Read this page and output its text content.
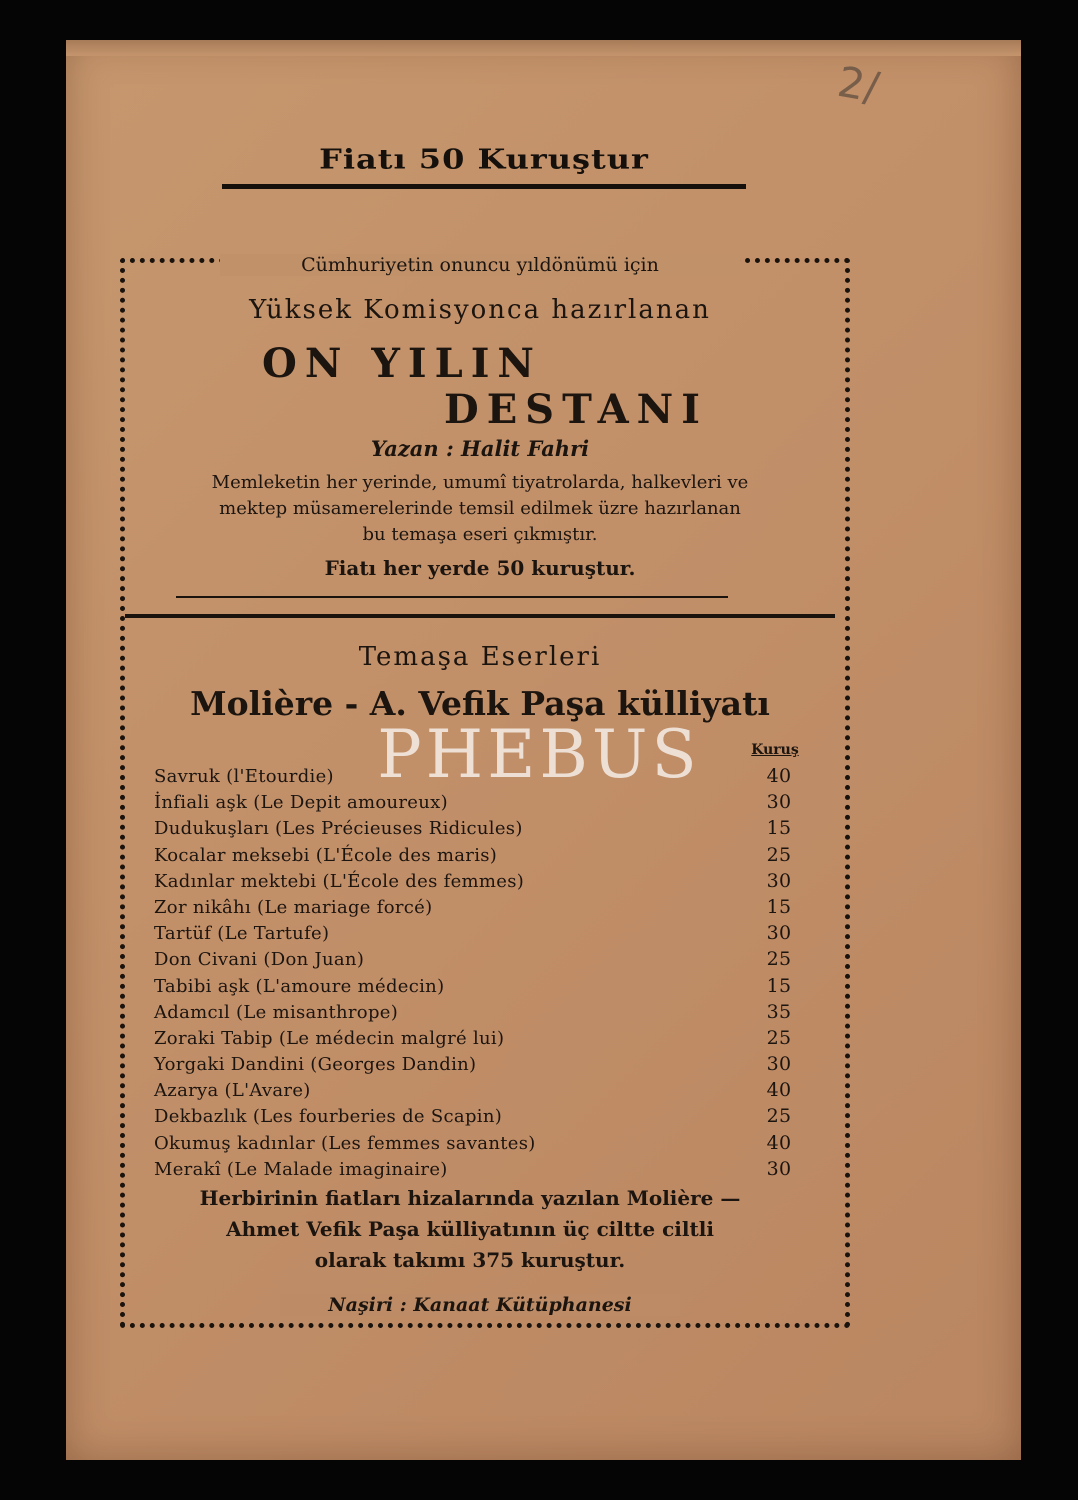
2/
Fiatı 50 Kuruştur
Cümhuriyetin onuncu yıldönümü için
Yüksek Komisyonca hazırlanan
ON YILIN
DESTANI
Yazan : Halit Fahri
Memleketin her yerinde, umumî tiyatrolarda, halkevleri ve
mektep müsamerelerinde temsil edilmek üzre hazırlanan
bu temaşa eseri çıkmıştır.
Fiatı her yerde 50 kuruştur.
Temaşa Eserleri
Molière - A. Vefik Paşa külliyatı
Kuruş
Savruk (l'Etourdie)	40
İnfiali aşk (Le Depit amoureux)	30
Dudukuşları (Les Précieuses Ridicules)	15
Kocalar meksebi (L'École des maris)	25
Kadınlar mektebi (L'École des femmes)	30
Zor nikâhı (Le mariage forcé)	15
Tartüf (Le Tartufe)	30
Don Civani (Don Juan)	25
Tabibi aşk (L'amoure médecin)	15
Adamcıl (Le misanthrope)	35
Zoraki Tabip (Le médecin malgré lui)	25
Yorgaki Dandini (Georges Dandin)	30
Azarya (L'Avare)	40
Dekbazlık (Les fourberies de Scapin)	25
Okumuş kadınlar (Les femmes savantes)	40
Merakî (Le Malade imaginaire)	30
Herbirinin fiatları hizalarında yazılan Molière —
Ahmet Vefik Paşa külliyatının üç ciltte ciltli
olarak takımı 375 kuruştur.
Naşiri : Kanaat Kütüphanesi
PHEBUS
